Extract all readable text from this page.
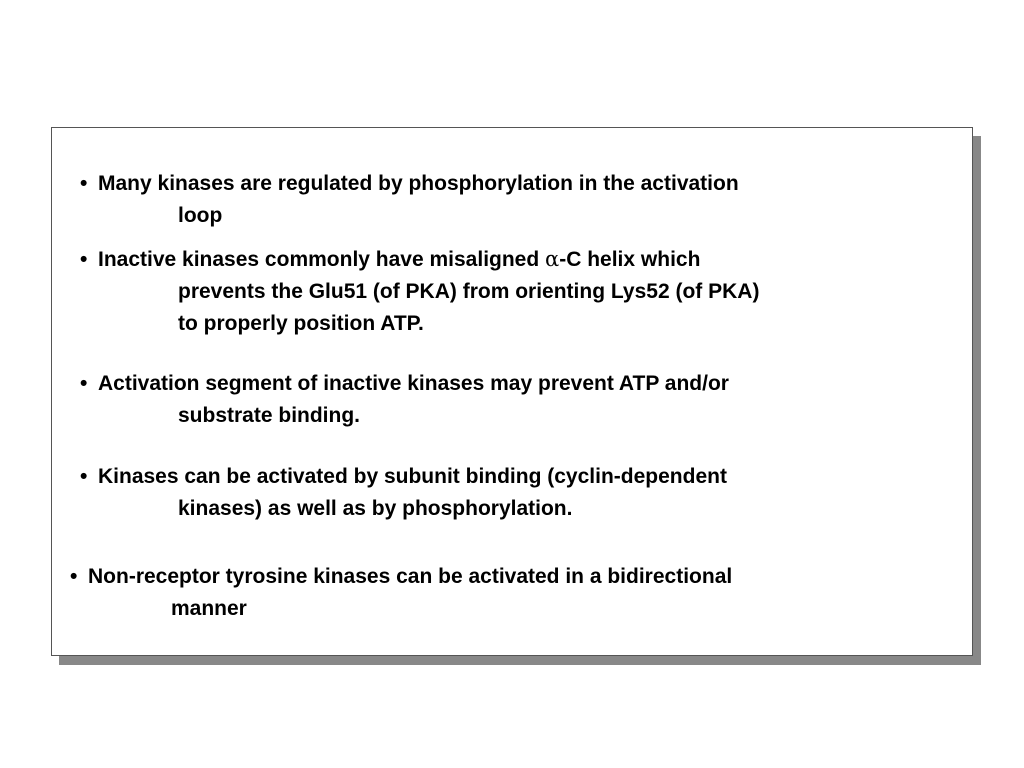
• Many kinases are regulated by phosphorylation in the activation
loop
• Inactive kinases commonly have misaligned α-C helix which
prevents the Glu51 (of PKA) from orienting Lys52 (of PKA)
to properly position ATP.
• Activation segment of inactive kinases may prevent ATP and/or
substrate binding.
• Kinases can be activated by subunit binding (cyclin-dependent
kinases) as well as by phosphorylation.
• Non-receptor tyrosine kinases can be activated in a bidirectional
manner
